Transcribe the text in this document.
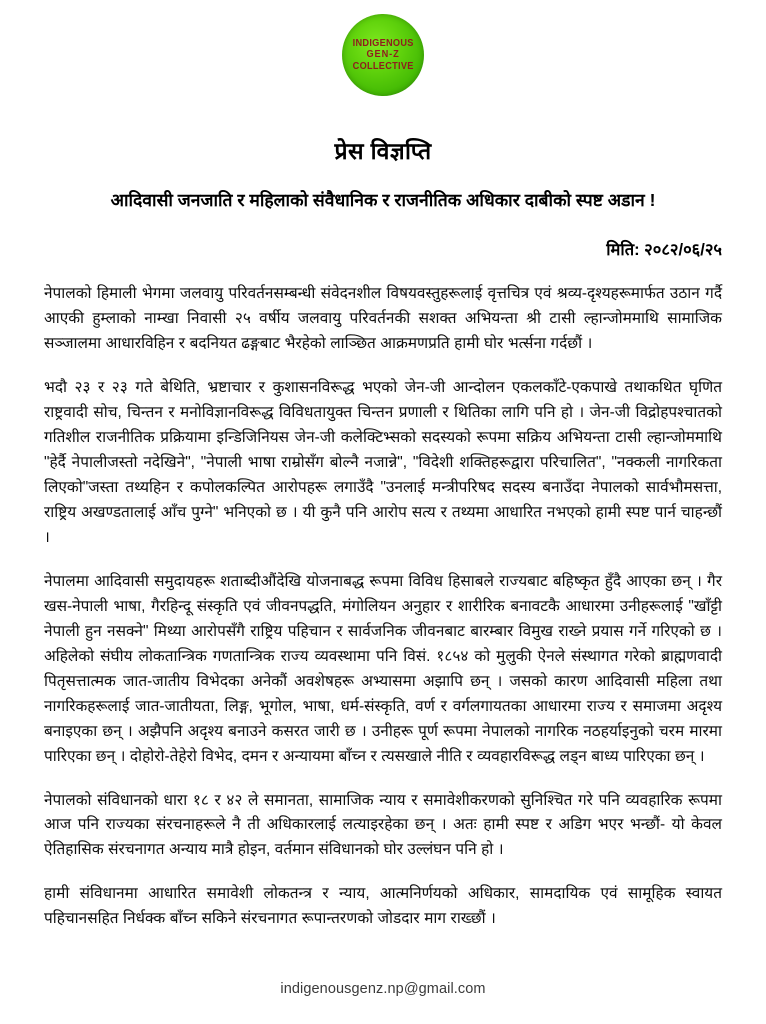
INDIGENOUS
GEN-Z
COLLECTIVE
प्रेस विज्ञप्ति
आदिवासी जनजाति र महिलाको संवैधानिक र राजनीतिक अधिकार दाबीको स्पष्ट अडान !
मिति: २०८२/०६/२५

नेपालको हिमाली भेगमा जलवायु परिवर्तनसम्बन्धी संवेदनशील विषयवस्तुहरूलाई वृत्तचित्र एवं श्रव्य-दृश्यहरूमार्फत उठान गर्दै आएकी हुम्लाको नाम्खा निवासी २५ वर्षीय जलवायु परिवर्तनकी सशक्त अभियन्ता श्री टासी ल्हान्जोममाथि सामाजिक सञ्जालमा आधारविहिन र बदनियत ढङ्गबाट भैरहेको लाञ्छित आक्रमणप्रति हामी घोर भर्त्सना गर्दछौं ।

भदौ २३ र २३ गते बेथिति, भ्रष्टाचार र कुशासनविरूद्ध भएको जेन-जी आन्दोलन एकलकाँटे-एकपाखे तथाकथित घृणित राष्ट्रवादी सोच, चिन्तन र मनोविज्ञानविरूद्ध विविधतायुक्त चिन्तन प्रणाली र थितिका लागि पनि हो । जेन-जी विद्रोहपश्चातको गतिशील राजनीतिक प्रक्रियामा इन्डिजिनियस जेन-जी कलेक्टिभ्सको सदस्यको रूपमा सक्रिय अभियन्ता टासी ल्हान्जोममाथि "हेर्दै नेपालीजस्तो नदेखिने", "नेपाली भाषा राम्रोसँग बोल्नै नजान्ने", "विदेशी शक्तिहरूद्वारा परिचालित", "नक्कली नागरिकता लिएको"जस्ता तथ्यहिन र कपोलकल्पित आरोपहरू लगाउँदै "उनलाई मन्त्रीपरिषद सदस्य बनाउँदा नेपालको सार्वभौमसत्ता, राष्ट्रिय अखण्डतालाई आँच पुग्ने" भनिएको छ । यी कुनै पनि आरोप सत्य र तथ्यमा आधारित नभएको हामी स्पष्ट पार्न चाहन्छौं ।

नेपालमा आदिवासी समुदायहरू शताब्दीऔंदेखि योजनाबद्ध रूपमा विविध हिसाबले राज्यबाट बहिष्कृत हुँदै आएका छन् । गैर खस-नेपाली भाषा, गैरहिन्दू संस्कृति एवं जीवनपद्धति, मंगोलियन अनुहार र शारीरिक बनावटकै आधारमा उनीहरूलाई "खाँट्टी नेपाली हुन नसक्ने" मिथ्या आरोपसँगै राष्ट्रिय पहिचान र सार्वजनिक जीवनबाट बारम्बार विमुख राख्ने प्रयास गर्ने गरिएको छ । अहिलेको संघीय लोकतान्त्रिक गणतान्त्रिक राज्य व्यवस्थामा पनि विसं. १८५४ को मुलुकी ऐनले संस्थागत गरेको ब्राह्मणवादी पितृसत्तात्मक जात-जातीय विभेदका अनेकौं अवशेषहरू अभ्यासमा अझापि छन् । जसको कारण आदिवासी महिला तथा नागरिकहरूलाई जात-जातीयता, लिङ्ग, भूगोल, भाषा, धर्म-संस्कृति, वर्ण र वर्गलगायतका आधारमा राज्य र समाजमा अदृश्य बनाइएका छन् । अझैपनि अदृश्य बनाउने कसरत जारी छ । उनीहरू पूर्ण रूपमा नेपालको नागरिक नठहर्याइनुको चरम मारमा पारिएका छन् । दोहोरो-तेहेरो विभेद, दमन र अन्यायमा बाँच्न र त्यसखाले नीति र व्यवहारविरूद्ध लड्न बाध्य पारिएका छन् ।

नेपालको संविधानको धारा १८ र ४२ ले समानता, सामाजिक न्याय र समावेशीकरणको सुनिश्चित गरे पनि व्यवहारिक रूपमा आज पनि राज्यका संरचनाहरूले नै ती अधिकारलाई लत्याइरहेका छन् । अतः हामी स्पष्ट र अडिग भएर भन्छौं- यो केवल ऐतिहासिक संरचनागत अन्याय मात्रै होइन, वर्तमान संविधानको घोर उल्लंघन पनि हो ।

हामी संविधानमा आधारित समावेशी लोकतन्त्र र न्याय, आत्मनिर्णयको अधिकार, सामदायिक एवं सामूहिक स्वायत पहिचानसहित निर्धक्क बाँच्न सकिने संरचनागत रूपान्तरणको जोडदार माग राख्छौं ।

indigenousgenz.np@gmail.com
